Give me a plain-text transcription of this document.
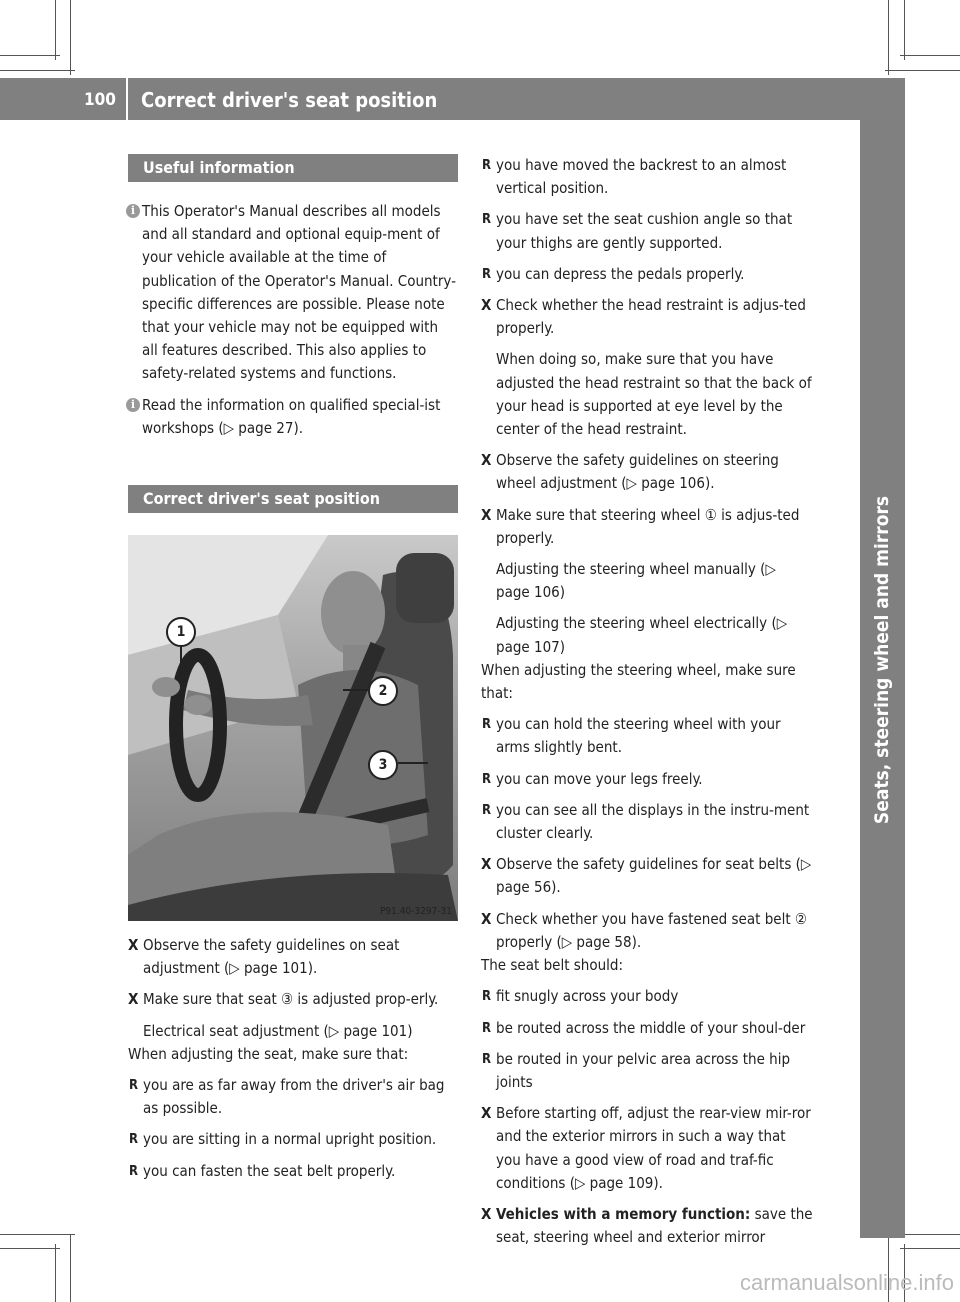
100	Correct driver's seat position
Seats, steering wheel and mirrors
Useful information

i This Operator's Manual describes all models and all standard and optional equip-ment of your vehicle available at the time of publication of the Operator's Manual. Country-specific differences are possible. Please note that your vehicle may not be equipped with all features described. This also applies to safety-related systems and functions.

i Read the information on qualified special-ist workshops (▷ page 27).

Correct driver's seat position
1
2
3
P91.40-3297-31

X Observe the safety guidelines on seat adjustment (▷ page 101).

X Make sure that seat ③ is adjusted prop-erly.

Electrical seat adjustment (▷ page 101)

When adjusting the seat, make sure that:

R you are as far away from the driver's air bag as possible.

R you are sitting in a normal upright position.

R you can fasten the seat belt properly.

R you have moved the backrest to an almost vertical position.

R you have set the seat cushion angle so that your thighs are gently supported.

R you can depress the pedals properly.

X Check whether the head restraint is adjus-ted properly.

When doing so, make sure that you have adjusted the head restraint so that the back of your head is supported at eye level by the center of the head restraint.

X Observe the safety guidelines on steering wheel adjustment (▷ page 106).

X Make sure that steering wheel ① is adjus-ted properly.

Adjusting the steering wheel manually (▷ page 106)

Adjusting the steering wheel electrically (▷ page 107)

When adjusting the steering wheel, make sure that:

R you can hold the steering wheel with your arms slightly bent.

R you can move your legs freely.

R you can see all the displays in the instru-ment cluster clearly.

X Observe the safety guidelines for seat belts (▷ page 56).

X Check whether you have fastened seat belt ② properly (▷ page 58).

The seat belt should:

R fit snugly across your body

R be routed across the middle of your shoul-der

R be routed in your pelvic area across the hip joints

X Before starting off, adjust the rear-view mir-ror and the exterior mirrors in such a way that you have a good view of road and traf-fic conditions (▷ page 109).

X Vehicles with a memory function: save the seat, steering wheel and exterior mirror

carmanualsonline.info
